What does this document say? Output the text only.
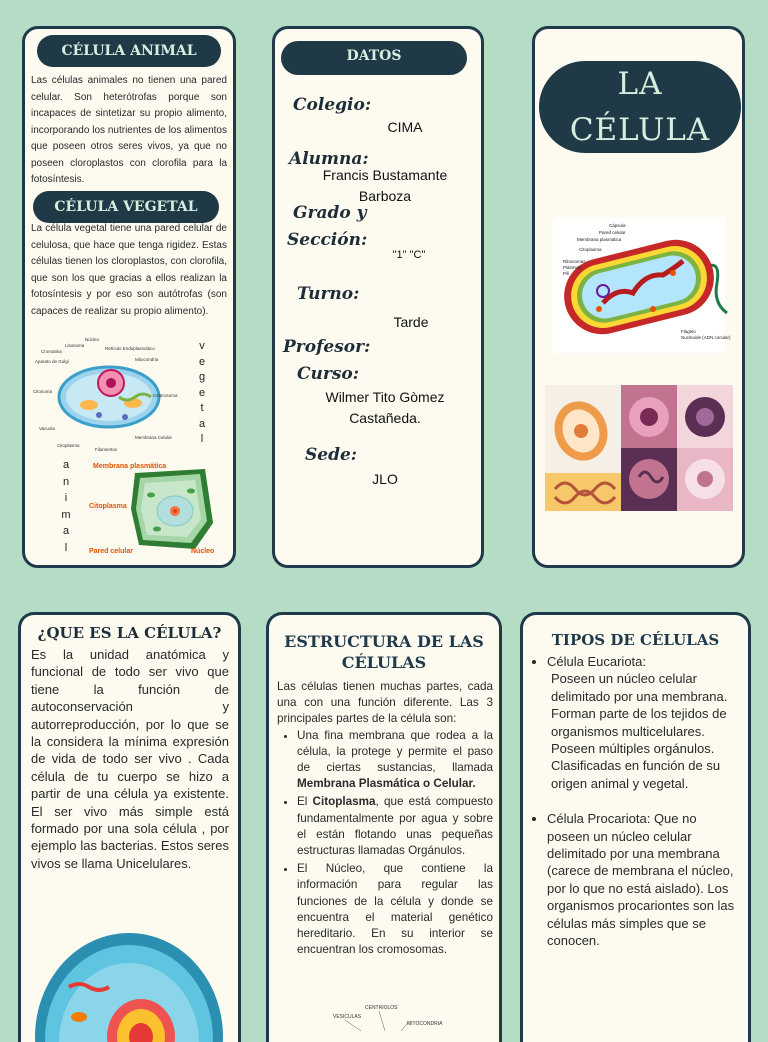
CÉLULA ANIMAL
Las células animales no tienen una pared celular. Son heterótrofas porque son incapaces de sintetizar su propio alimento, incorporando los nutrientes de los alimentos que poseen otros seres vivos, ya que no poseen cloroplastos con clorofila para la fotosíntesis.
CÉLULA VEGETAL
La célula vegetal tiene una pared celular de celulosa, que hace que tenga rigidez. Estas células tienen los cloroplastos, con clorofila, que son los que gracias a ellos realizan la fotosíntesis y por eso son autótrofas (son capaces de realizar su propio alimento).
Núcleo
Lisosoma
Retículo Endoplasmático
Cromatina
Aparato de Golgi	Mitocondria
Citosoma
Centrosoma
Vacuola
Membrana Celular
Citoplasma
Filamentos
v
e
g
e
t
a
l
a
n
i
m
a
l
Membrana plasmática
Citoplasma
Pared celular	Núcleo
DATOS
Colegio:
CIMA
Alumna:
Francis Bustamante
Barboza
Grado y
Sección:
"1" "C"
Turno:
Tarde
Profesor:
Curso:
Wilmer Tito Gòmez
Castañeda.
Sede:
JLO
LA
CÉLULA
Cápsula
Pared celular
Membrana plasmática
Citoplasma
Ribosomas
Plásmido
Pili
Flagelo
Nucleoide (ADN circular)
¿QUE ES LA CÉLULA?
Es la unidad anatómica y funcional de todo ser vivo que tiene la función de autoconservación y autorreproducción, por lo que se la considera la mínima expresión de vida de todo ser vivo . Cada célula de tu cuerpo se hizo a partir de una célula ya existente. El ser vivo más simple está formado por una sola célula , por ejemplo las bacterias. Estos seres vivos se llama Unicelulares.
ESTRUCTURA DE LAS CÉLULAS
Las células tienen muchas partes, cada una con una función diferente. Las 3 principales partes de la célula son:
• Una fina membrana que rodea a la célula, la protege y permite el paso de ciertas sustancias, llamada Membrana Plasmática o Celular.
• El Citoplasma, que está compuesto fundamentalmente por agua y sobre el están flotando unas pequeñas estructuras llamadas Orgánulos.
• El Núcleo, que contiene la información para regular las funciones de la célula y donde se encuentra el material genético hereditario. En su interior se encuentran los cromosomas.
CENTRIOLOS
VESICULAS
MITOCONDRIA
TIPOS DE CÉLULAS
• Célula Eucariota:
Poseen un núcleo celular delimitado por una membrana. Forman parte de los tejidos de organismos multicelulares. Poseen múltiples orgánulos. Clasificadas en función de su origen animal y vegetal.
• Célula Procariota: Que no poseen un núcleo celular delimitado por una membrana (carece de membrana el núcleo, por lo que no está aislado). Los organismos procariontes son las células más simples que se conocen.
